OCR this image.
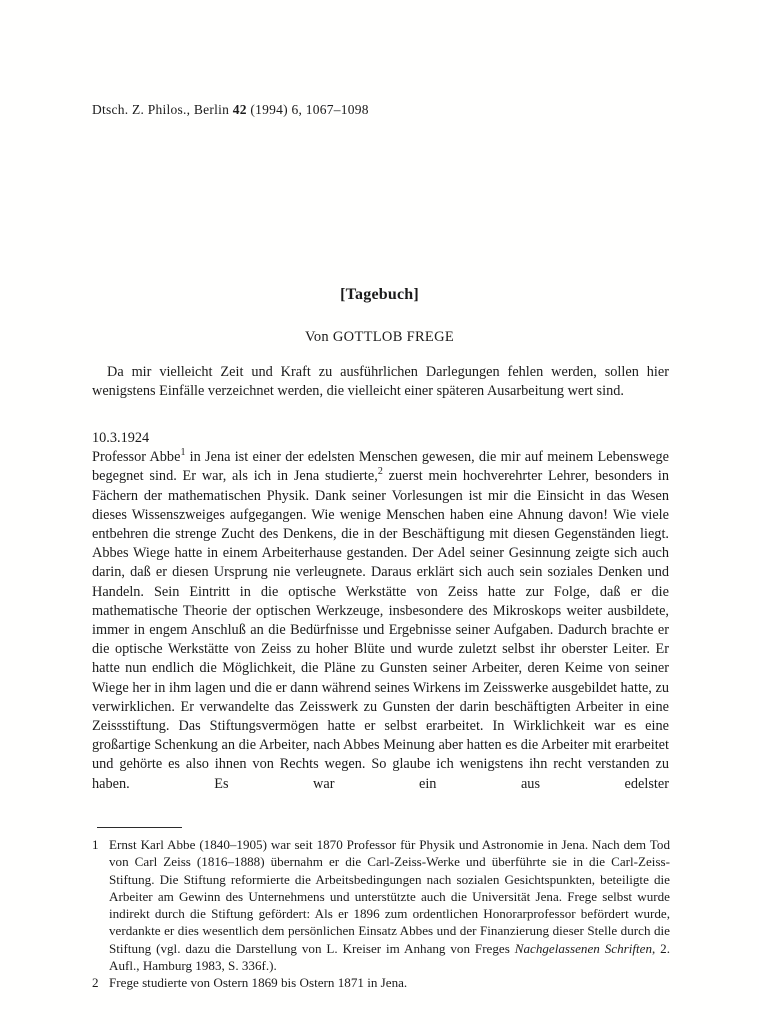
Dtsch. Z. Philos., Berlin 42 (1994) 6, 1067–1098
[Tagebuch]
Von GOTTLOB FREGE

Da mir vielleicht Zeit und Kraft zu ausführlichen Darlegungen fehlen werden, sollen hier wenigstens Einfälle verzeichnet werden, die vielleicht einer späteren Ausarbeitung wert sind.

10.3.1924

Professor Abbe$^1$ in Jena ist einer der edelsten Menschen gewesen, die mir auf meinem Lebenswege begegnet sind. Er war, als ich in Jena studierte,$^2$ zuerst mein hochverehrter Lehrer, besonders in Fächern der mathematischen Physik. Dank seiner Vorlesungen ist mir die Einsicht in das Wesen dieses Wissenszweiges aufgegangen. Wie wenige Menschen haben eine Ahnung davon! Wie viele entbehren die strenge Zucht des Denkens, die in der Beschäftigung mit diesen Gegenständen liegt. Abbes Wiege hatte in einem Arbeiterhause gestanden. Der Adel seiner Gesinnung zeigte sich auch darin, daß er diesen Ursprung nie verleugnete. Daraus erklärt sich auch sein soziales Denken und Handeln. Sein Eintritt in die optische Werkstätte von Zeiss hatte zur Folge, daß er die mathematische Theorie der optischen Werkzeuge, insbesondere des Mikroskops weiter ausbildete, immer in engem Anschluß an die Bedürfnisse und Ergebnisse seiner Aufgaben. Dadurch brachte er die optische Werkstätte von Zeiss zu hoher Blüte und wurde zuletzt selbst ihr oberster Leiter. Er hatte nun endlich die Möglichkeit, die Pläne zu Gunsten seiner Arbeiter, deren Keime von seiner Wiege her in ihm lagen und die er dann während seines Wirkens im Zeisswerke ausgebildet hatte, zu verwirklichen. Er verwandelte das Zeisswerk zu Gunsten der darin beschäftigten Arbeiter in eine Zeissstiftung. Das Stiftungsvermögen hatte er selbst erarbeitet. In Wirklichkeit war es eine großartige Schenkung an die Arbeiter, nach Abbes Meinung aber hatten es die Arbeiter mit erarbeitet und gehörte es also ihnen von Rechts wegen. So glaube ich wenigstens ihn recht verstanden zu haben. Es war ein aus edelster

1 Ernst Karl Abbe (1840–1905) war seit 1870 Professor für Physik und Astronomie in Jena. Nach dem Tod von Carl Zeiss (1816–1888) übernahm er die Carl-Zeiss-Werke und überführte sie in die Carl-Zeiss-Stiftung. Die Stiftung reformierte die Arbeitsbedingungen nach sozialen Gesichtspunkten, beteiligte die Arbeiter am Gewinn des Unternehmens und unterstützte auch die Universität Jena. Frege selbst wurde indirekt durch die Stiftung gefördert: Als er 1896 zum ordentlichen Honorarprofessor befördert wurde, verdankte er dies wesentlich dem persönlichen Einsatz Abbes und der Finanzierung dieser Stelle durch die Stiftung (vgl. dazu die Darstellung von L. Kreiser im Anhang von Freges Nachgelassenen Schriften, 2. Aufl., Hamburg 1983, S. 336f.).
2 Frege studierte von Ostern 1869 bis Ostern 1871 in Jena.
